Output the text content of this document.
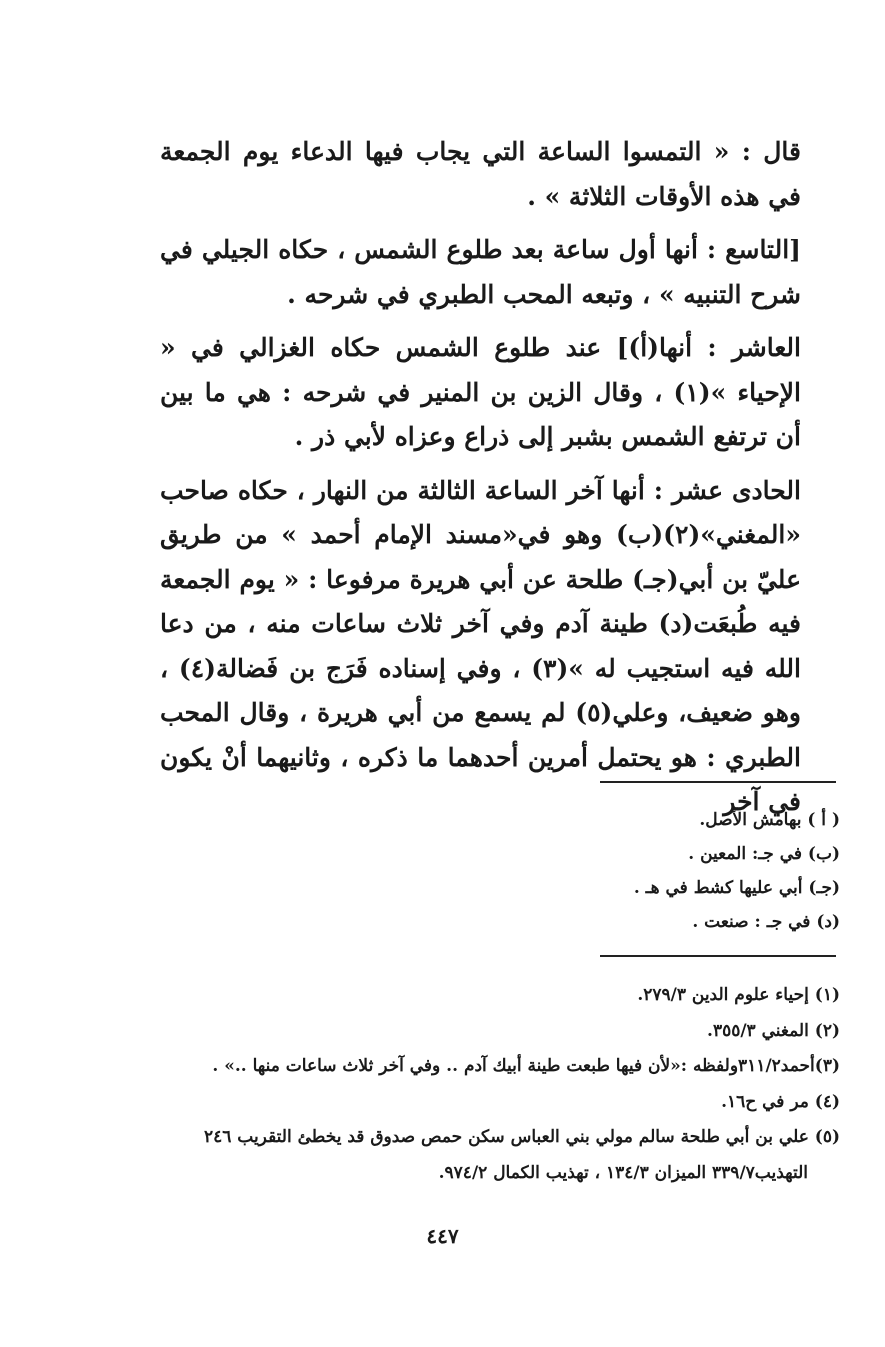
قال : « التمسوا الساعة التي يجاب فيها الدعاء يوم الجمعة في هذه الأوقات الثلاثة » .

[التاسع : أنها أول ساعة بعد طلوع الشمس ، حكاه الجيلي في شرح التنبيه » ، وتبعه المحب الطبري في شرحه .

العاشر : أنها(أ)] عند طلوع الشمس حكاه الغزالي في « الإحياء »(١) ، وقال الزين بن المنير في شرحه : هي ما بين أن ترتفع الشمس بشبر إلى ذراع وعزاه لأبي ذر .

الحادى عشر : أنها آخر الساعة الثالثة من النهار ، حكاه صاحب «المغني»(٢)(ب) وهو في«مسند الإمام أحمد » من طريق عليّ بن أبي(جـ) طلحة عن أبي هريرة مرفوعا : « يوم الجمعة فيه طُبعَت(د) طينة آدم وفي آخر ثلاث ساعات منه ، من دعا الله فيه استجيب له »(٣) ، وفي إسناده فَرَج بن فَضالة(٤) ، وهو ضعيف، وعلي(٥) لم يسمع من أبي هريرة ، وقال المحب الطبري : هو يحتمل أمرين أحدهما ما ذكره ، وثانيهما أنْ يكون في آخر

( أ ) بهامش الأصل.
(ب) في جـ: المعين .
(جـ) أبي عليها كشط في هـ .
(د) في جـ : صنعت .
(١) إحياء علوم الدين ٢٧٩/٣.
(٢) المغني ٣٥٥/٣.
(٣)أحمد٣١١/٢ولفظه :«لأن فيها طبعت طينة أبيك آدم .. وفي آخر ثلاث ساعات منها ..» .
(٤) مر في ح١٦.
(٥) علي بن أبي طلحة سالم مولي بني العباس سكن حمص صدوق قد يخطئ التقريب ٢٤٦
التهذيب٣٣٩/٧ الميزان ١٣٤/٣ ، تهذيب الكمال ٩٧٤/٢.
٤٤٧
